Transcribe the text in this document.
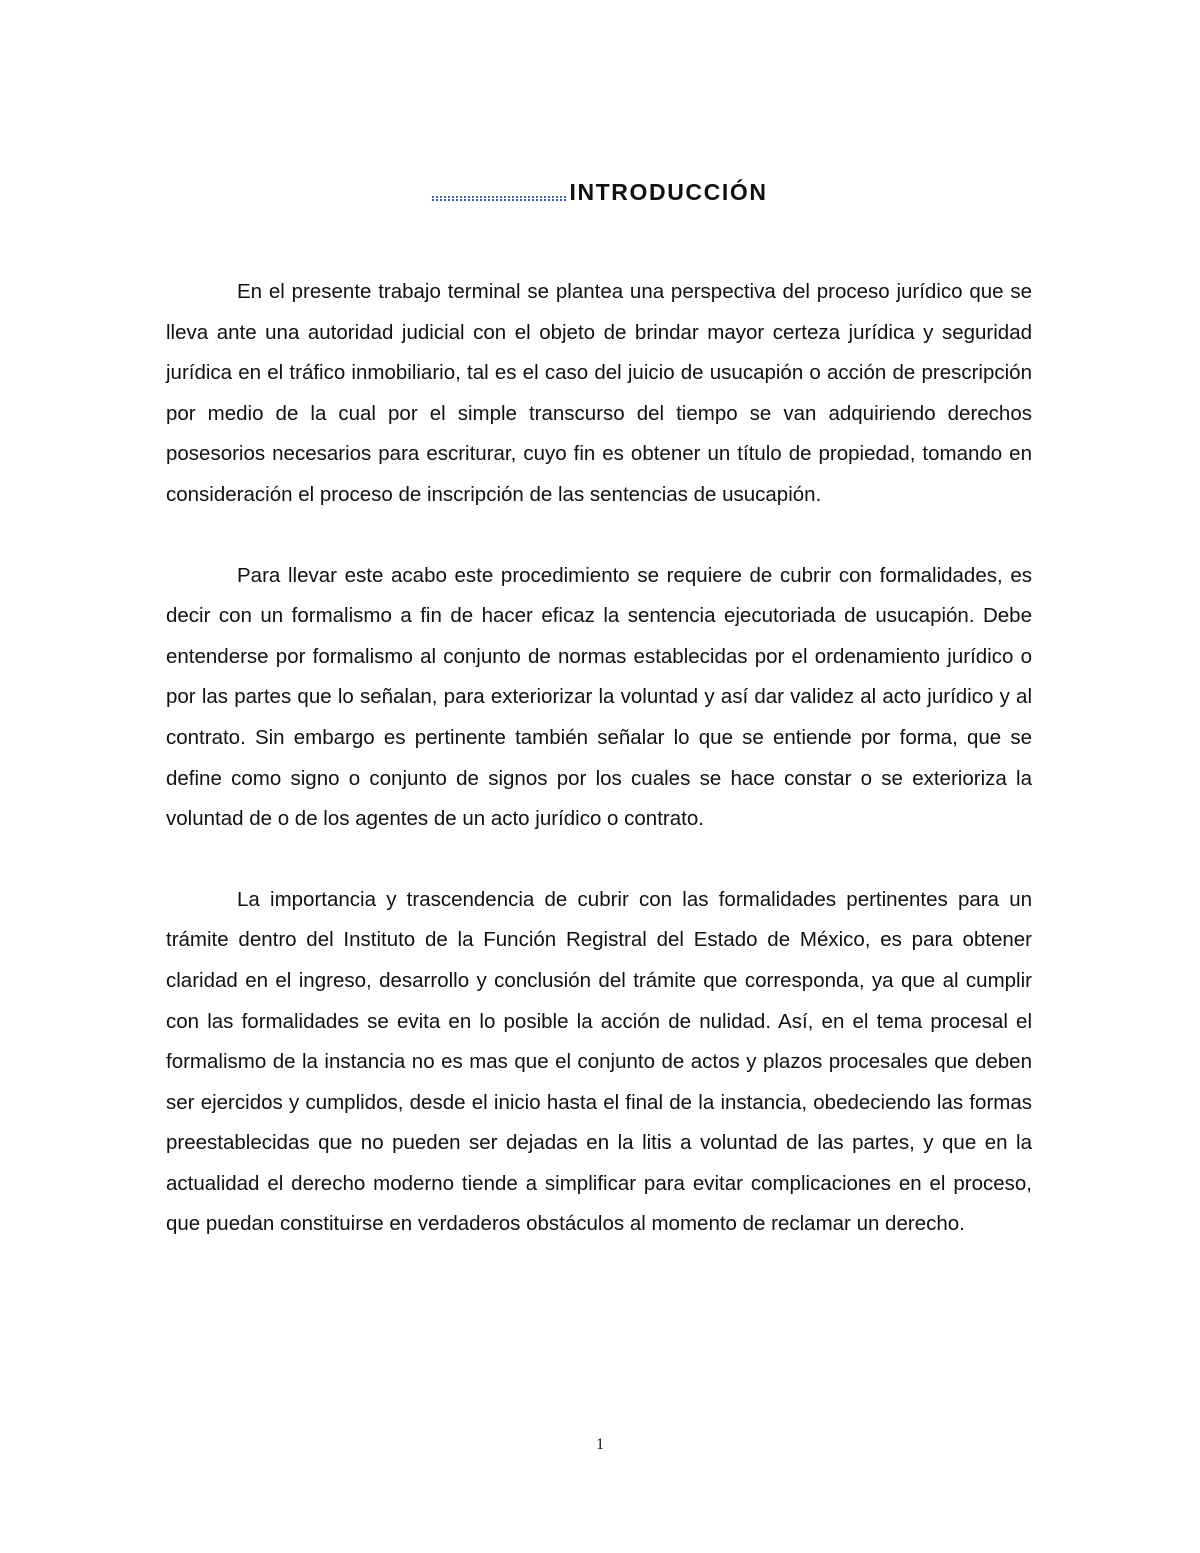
INTRODUCCIÓN

En el presente trabajo terminal se plantea una perspectiva del proceso jurídico que se lleva ante una autoridad judicial con el objeto de brindar mayor certeza jurídica y seguridad jurídica en el tráfico inmobiliario, tal es el caso del juicio de usucapión o acción de prescripción por medio de la cual por el simple transcurso del tiempo se van adquiriendo derechos posesorios necesarios para escriturar, cuyo fin es obtener un título de propiedad, tomando en consideración el proceso de inscripción de las sentencias de usucapión.

Para llevar este acabo este procedimiento se requiere de cubrir con formalidades, es decir con un formalismo a fin de hacer eficaz la sentencia ejecutoriada de usucapión. Debe entenderse por formalismo al conjunto de normas establecidas por el ordenamiento jurídico o por las partes que lo señalan, para exteriorizar la voluntad y así dar validez al acto jurídico y al contrato. Sin embargo es pertinente también señalar lo que se entiende por forma, que se define como signo o conjunto de signos por los cuales se hace constar o se exterioriza la voluntad de o de los agentes de un acto jurídico o contrato.

La importancia y trascendencia de cubrir con las formalidades pertinentes para un trámite dentro del Instituto de la Función Registral del Estado de México, es para obtener claridad en el ingreso, desarrollo y conclusión del trámite que corresponda, ya que al cumplir con las formalidades se evita en lo posible la acción de nulidad. Así, en el tema procesal el formalismo de la instancia no es mas que el conjunto de actos y plazos procesales que deben ser ejercidos y cumplidos, desde el inicio hasta el final de la instancia, obedeciendo las formas preestablecidas que no pueden ser dejadas en la litis a voluntad de las partes, y que en la actualidad el derecho moderno tiende a simplificar para evitar complicaciones en el proceso, que puedan constituirse en verdaderos obstáculos al momento de reclamar un derecho.

1
